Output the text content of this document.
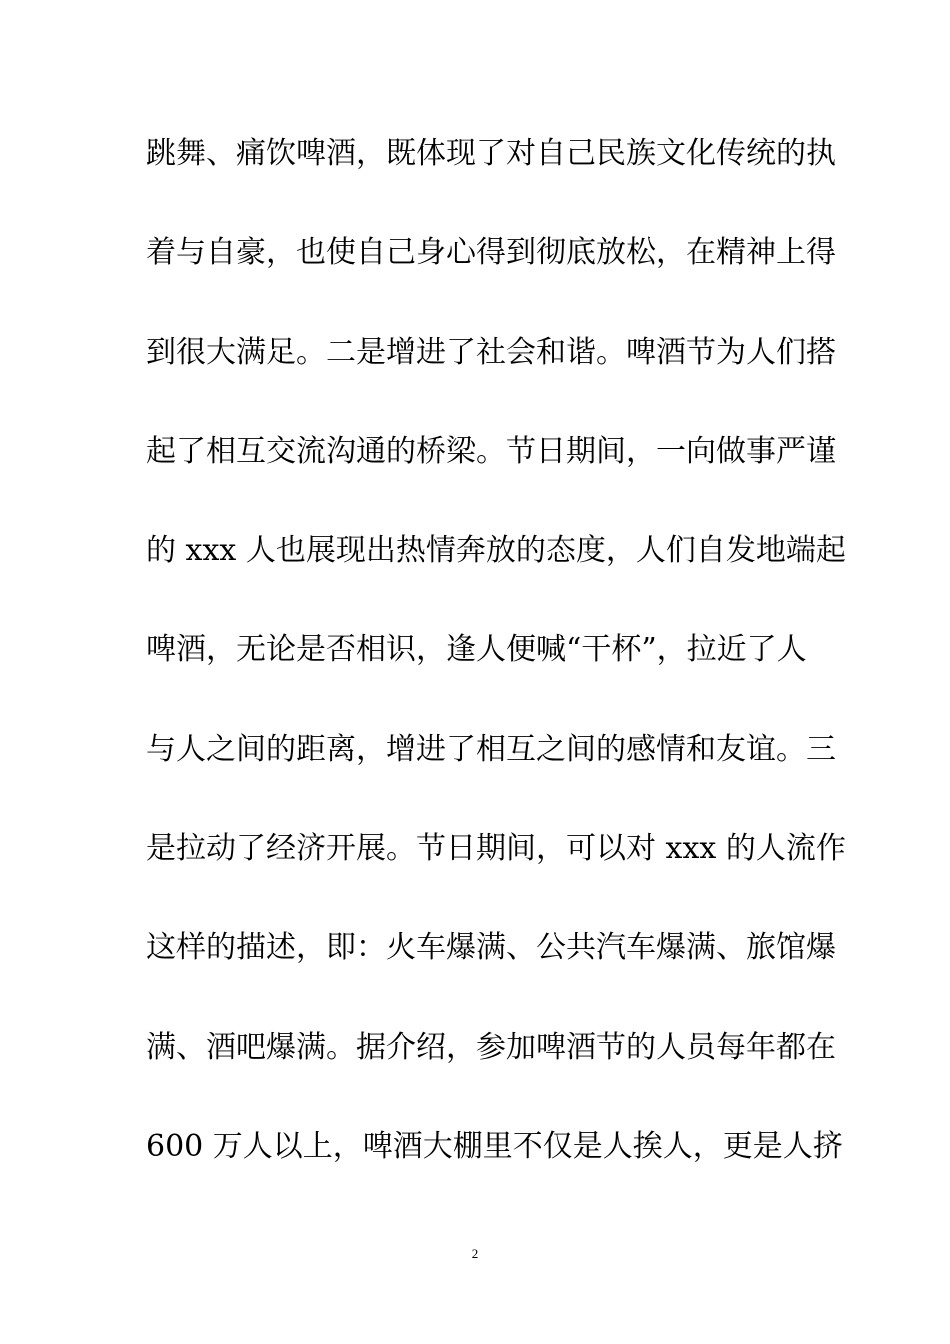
跳舞、痛饮啤酒，既体现了对自己民族文化传统的执
着与自豪，也使自己身心得到彻底放松，在精神上得
到很大满足。二是增进了社会和谐。啤酒节为人们搭
起了相互交流沟通的桥梁。节日期间，一向做事严谨
的 xxx 人也展现出热情奔放的态度，人们自发地端起
啤酒，无论是否相识，逢人便喊“干杯”，拉近了人
与人之间的距离，增进了相互之间的感情和友谊。三
是拉动了经济开展。节日期间，可以对 xxx 的人流作
这样的描述，即：火车爆满、公共汽车爆满、旅馆爆
满、酒吧爆满。据介绍，参加啤酒节的人员每年都在
600 万人以上，啤酒大棚里不仅是人挨人，更是人挤
2
